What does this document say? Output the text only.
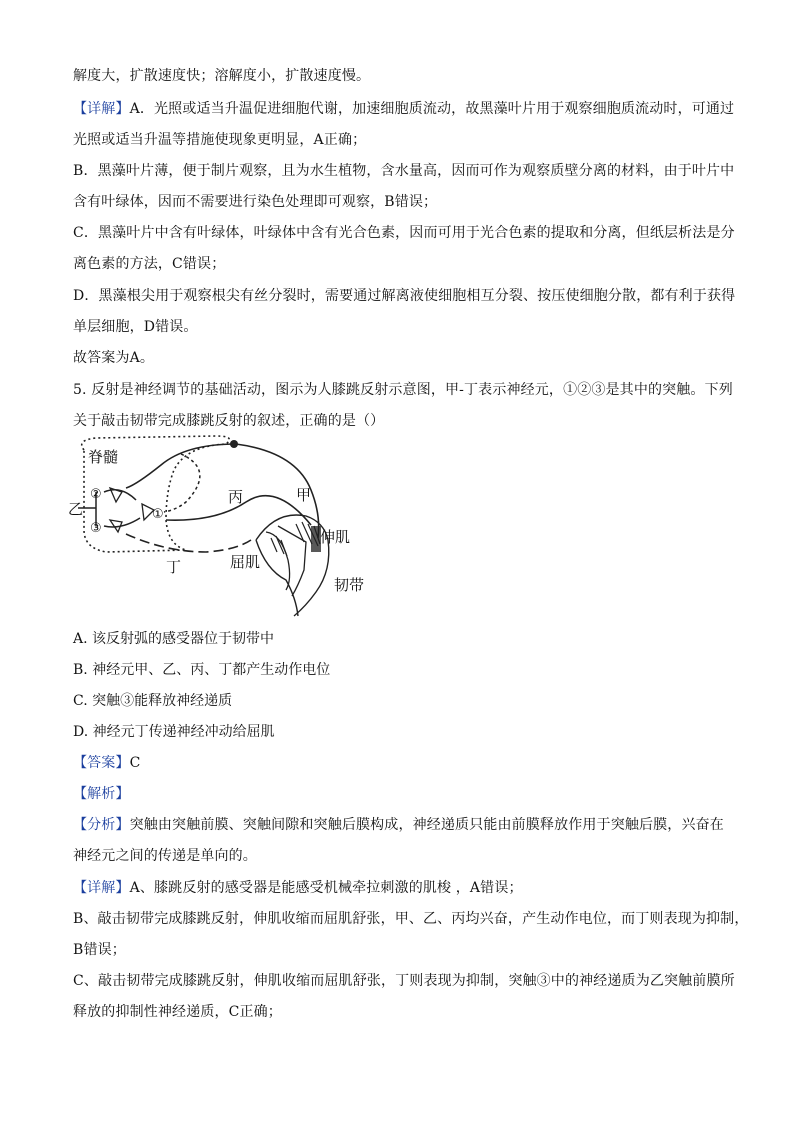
解度大，扩散速度快；溶解度小，扩散速度慢。
【详解】A．光照或适当升温促进细胞代谢，加速细胞质流动，故黑藻叶片用于观察细胞质流动时，可通过
光照或适当升温等措施使现象更明显，A正确；
B．黑藻叶片薄，便于制片观察，且为水生植物，含水量高，因而可作为观察质壁分离的材料，由于叶片中
含有叶绿体，因而不需要进行染色处理即可观察，B错误；
C．黑藻叶片中含有叶绿体，叶绿体中含有光合色素，因而可用于光合色素的提取和分离，但纸层析法是分
离色素的方法，C错误；
D．黑藻根尖用于观察根尖有丝分裂时，需要通过解离液使细胞相互分裂、按压使细胞分散，都有利于获得
单层细胞，D错误。
故答案为A。
5. 反射是神经调节的基础活动，图示为人膝跳反射示意图，甲-丁表示神经元，①②③是其中的突触。下列
关于敲击韧带完成膝跳反射的叙述，正确的是（）
脊髓
乙
丙	甲
丁
伸肌
屈肌
韧带
①
②
③
A. 该反射弧的感受器位于韧带中
B. 神经元甲、乙、丙、丁都产生动作电位
C. 突触③能释放神经递质
D. 神经元丁传递神经冲动给屈肌
【答案】C
【解析】
【分析】突触由突触前膜、突触间隙和突触后膜构成，神经递质只能由前膜释放作用于突触后膜，兴奋在
神经元之间的传递是单向的。
【详解】A、膝跳反射的感受器是能感受机械牵拉刺激的肌梭 ，A错误；
B、敲击韧带完成膝跳反射，伸肌收缩而屈肌舒张，甲、乙、丙均兴奋，产生动作电位，而丁则表现为抑制，
B错误；
C、敲击韧带完成膝跳反射，伸肌收缩而屈肌舒张，丁则表现为抑制，突触③中的神经递质为乙突触前膜所
释放的抑制性神经递质，C正确；
